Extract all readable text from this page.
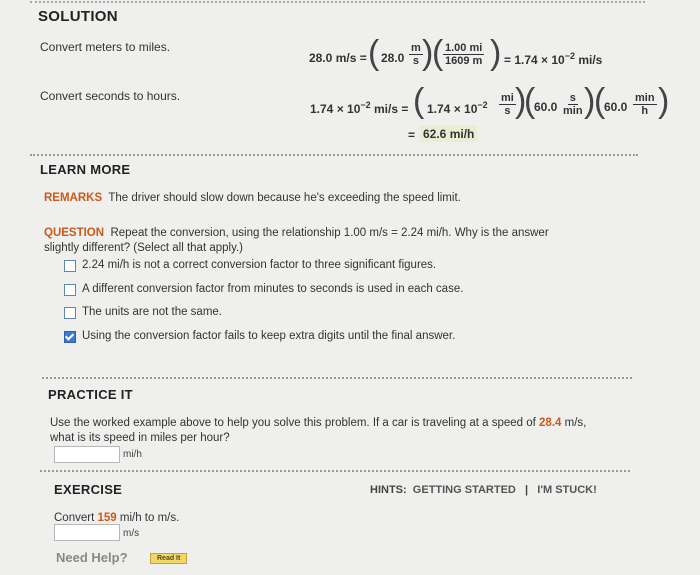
SOLUTION
Convert meters to miles.
Convert seconds to hours.
28.0 m/s = ( $28.0 \frac{m}{s}$ )
( $\frac{1.00 mi}{1609 m}$ ) = $1.74 \times 10^{-2}$ mi/s
$1.74 \times 10^{-2}$ mi/s = ( $1.74 \times 10^{-2} \frac{mi}{s}$ )
(
60.0
s
min )
(
60.0
min
h )
= 62.6 mi/h
LEARN MORE
REMARKS The driver should slow down because he's exceeding the speed limit.
QUESTION Repeat the conversion, using the relationship 1.00 m/s = 2.24 mi/h. Why is the answer
slightly different? (Select all that apply.)
2.24 mi/h is not a correct conversion factor to three significant figures.
A different conversion factor from minutes to seconds is used in each case.
The units are not the same.
Using the conversion factor fails to keep extra digits until the final answer.
PRACTICE IT
Use the worked example above to help you solve this problem. If a car is traveling at a speed of 28.4 m/s,
what is its speed in miles per hour?
mi/h
EXERCISE	HINTS: GETTING STARTED | I'M STUCK!
Convert 159 mi/h to m/s.
m/s
Need Help?	Read It
